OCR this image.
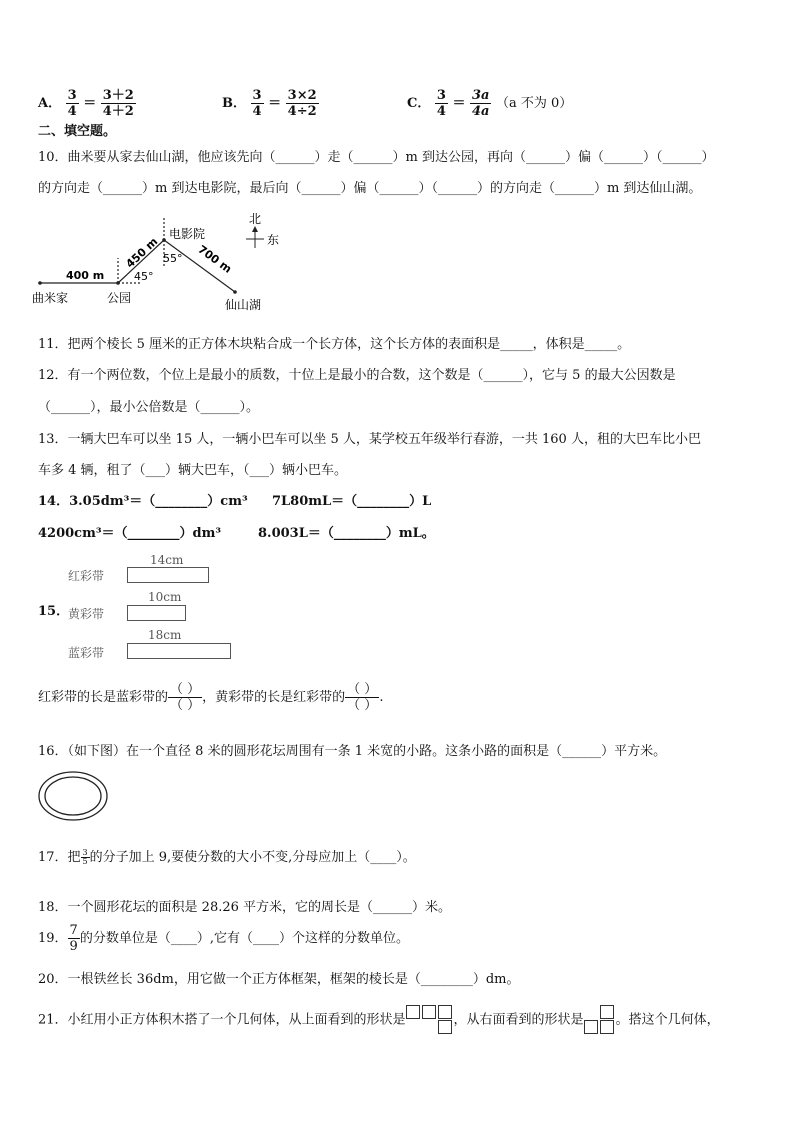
A． $\frac{3}{4} = \frac{3+2}{4+2}$	B． $\frac{3}{4} = \frac{3\times 2}{4\div 2}$	C． $\frac{3}{4} = \frac{3a}{4a} (a$ 不为 0）
二、填空题。
10．曲米要从家去仙山湖，他应该先向（______）走（______）m 到达公园，再向（______）偏（______）（______）
的方向走（______）m 到达电影院，最后向（______）偏（______）（______）的方向走（______）m 到达仙山湖。
400 m
450 m	700 m
45°
55°
曲米家	公园
电影院
仙山湖
北
东
11．把两个棱长 5 厘米的正方体木块粘合成一个长方体，这个长方体的表面积是_____，体积是_____。
12．有一个两位数，个位上是最小的质数，十位上是最小的合数，这个数是（______），它与 5 的最大公因数是
（______），最小公倍数是（______）。
13．一辆大巴车可以坐 15 人，一辆小巴车可以坐 5 人，某学校五年级举行春游，一共 160 人，租的大巴车比小巴
车多 4 辆，租了（___）辆大巴车，（___）辆小巴车。
14．3.05dm³＝（________）cm³ 7L80mL＝（________）L
4200cm³＝（________）dm³	8.003L＝（________）mL。
15．
红彩带
14cm
黄彩带
10cm
蓝彩带
18cm
红彩带的长是蓝彩带的 $\frac{( )}{( )}$ ，黄彩带的长是红彩带的 $\frac{( )}{( )}$ .
16．（如下图）在一个直径 8 米的圆形花坛周围有一条 1 米宽的小路。这条小路的面积是（______）平方米。
17．把 $\frac{3}{5}$ 的分子加上 9,要使分数的大小不变,分母应加上（____）。
18．一个圆形花坛的面积是 28.26 平方米，它的周长是（______）米。
19． $\frac{7}{9}$ 的分数单位是（____）,它有（____）个这样的分数单位。
20．一根铁丝长 36dm，用它做一个正方体框架，框架的棱长是（________）dm。
21．小红用小正方体积木搭了一个几何体，从上面看到的形状是	，从右面看到的形状是 。搭这个几何体，
